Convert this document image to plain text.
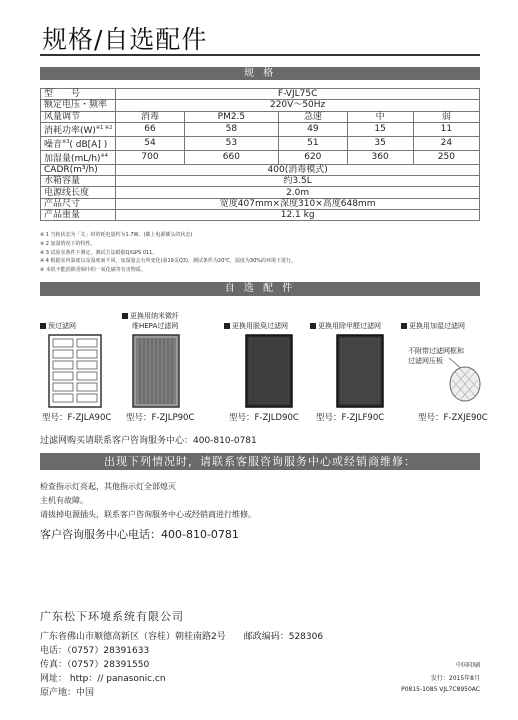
规格/自选配件
规 格
型　　号	F-VJL75C				
额定电压・频率	220V～50Hz				
风量调节	消毒	PM2.5	急速	中	弱
消耗功率$(W)^{※1 ※2}$	66	58	49	15	11
噪音$^{※3}$( dB[A] )	54	53	51	35	24
加湿量$(mL/h)^{※4}$	700	660	620	360	250
CADR(m³/h)	400(消毒模式)				
水箱容量	约3.5L				
电源线长度	2.0m				
产品尺寸	宽度407mm×深度310×高度648mm				
产品重量	12.1 kg				
※ 1 当转状态为「关」时的耗电量约为1.7W。(插上电源插头的状态)
※ 2 加湿情况下的特性。
※ 3 试验室条件下测定，测试方法根据Q/GPS 011。
※ 4 根据室内温度以及湿度而不同。加湿量会有所变化(第19页Q3)。测试条件为20℃，湿度为30%的环境下进行。
※ 本机不能消除香烟中的一氧化碳等有害物质。
自 选 配 件
预过滤网
型号：F-ZJLA90C
更换用纳米微纤
维HEPA过滤网
型号：F-ZJLP90C
更换用脱臭过滤网
型号：F-ZJLD90C
更换用除甲醛过滤网
型号：F-ZJLF90C
更换用加湿过滤网
不附带过滤网框和
过滤网压板
型号：F-ZXJE90C
过滤网购买请联系客户咨询服务中心：400-810-0781
出现下列情况时，请联系客服咨询服务中心或经销商维修：
检查指示灯亮起，其他指示灯全部熄灭
主机有故障。
请拔掉电源插头，联系客户咨询服务中心或经销商进行维修。
客户咨询服务中心电话：400-810-0781
广东松下环境系统有限公司
广东省佛山市顺德高新区（容桂）朝桂南路2号　　邮政编码：528306
电话：（0757）28391633
传真：（0757）28391550
网址： http：// panasonic.cn
原产地：中国
中国印刷
发行：2015年8月
P0815-1085 VJL7C8950AC
